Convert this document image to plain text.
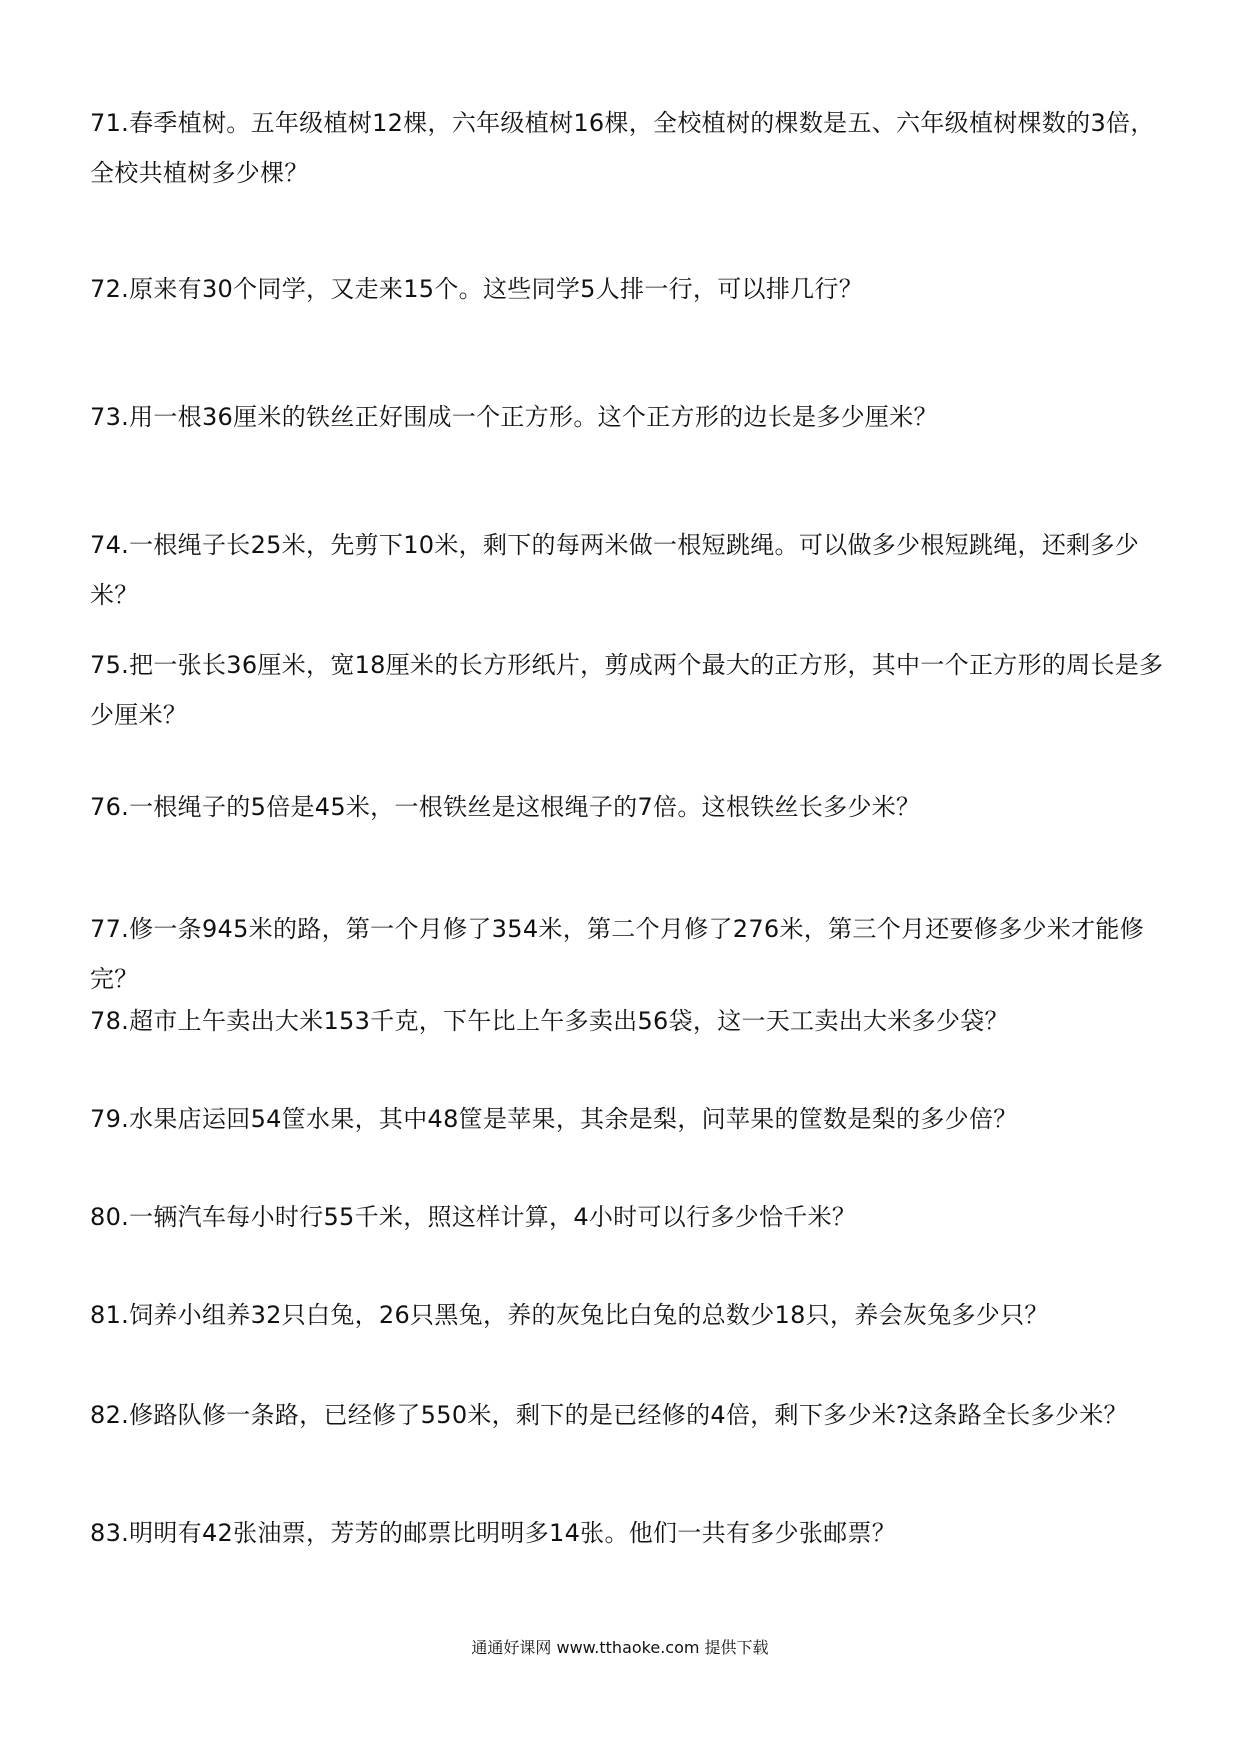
71.春季植树。五年级植树12棵，六年级植树16棵，全校植树的棵数是五、六年级植树棵数的3倍，全校共植树多少棵？
72.原来有30个同学，又走来15个。这些同学5人排一行，可以排几行？
73.用一根36厘米的铁丝正好围成一个正方形。这个正方形的边长是多少厘米？
74.一根绳子长25米，先剪下10米，剩下的每两米做一根短跳绳。可以做多少根短跳绳，还剩多少米？
75.把一张长36厘米，宽18厘米的长方形纸片，剪成两个最大的正方形，其中一个正方形的周长是多少厘米？
76.一根绳子的5倍是45米，一根铁丝是这根绳子的7倍。这根铁丝长多少米？
77.修一条945米的路，第一个月修了354米，第二个月修了276米，第三个月还要修多少米才能修完？
78.超市上午卖出大米153千克，下午比上午多卖出56袋，这一天工卖出大米多少袋？
79.水果店运回54筐水果，其中48筐是苹果，其余是梨，问苹果的筐数是梨的多少倍？
80.一辆汽车每小时行55千米，照这样计算，4小时可以行多少恰千米？
81.饲养小组养32只白兔，26只黑兔，养的灰兔比白兔的总数少18只，养会灰兔多少只？
82.修路队修一条路，已经修了550米，剩下的是已经修的4倍，剩下多少米?这条路全长多少米？
83.明明有42张油票，芳芳的邮票比明明多14张。他们一共有多少张邮票？
通通好课网 www.tthaoke.com 提供下载
